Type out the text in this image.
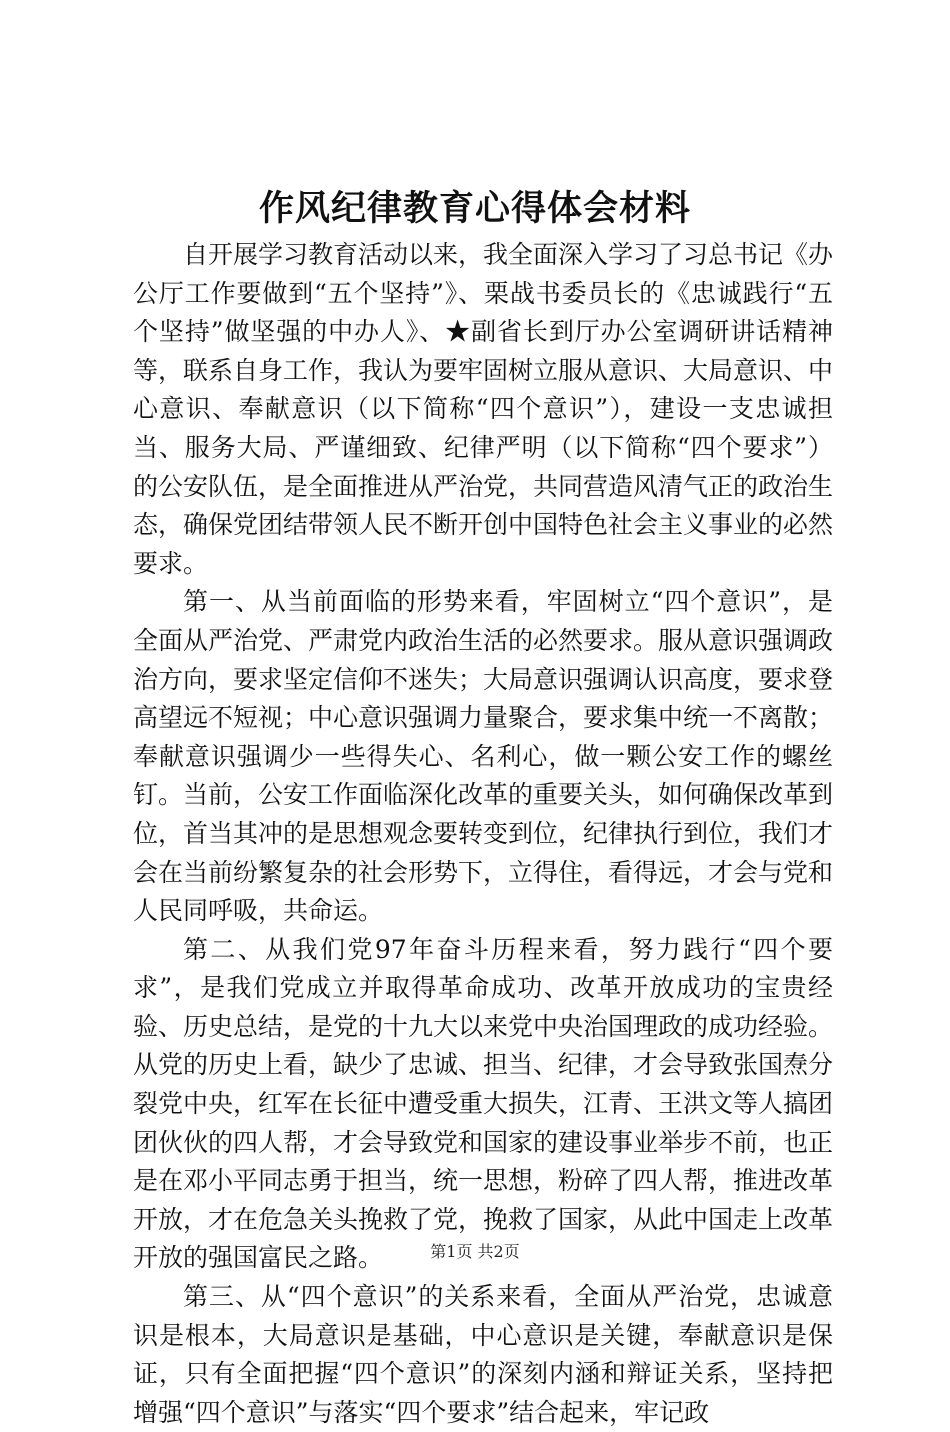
作风纪律教育心得体会材料

自开展学习教育活动以来，我全面深入学习了习总书记《办公厅工作要做到“五个坚持”》、栗战书委员长的《忠诚践行“五个坚持”做坚强的中办人》、★副省长到厅办公室调研讲话精神等，联系自身工作，我认为要牢固树立服从意识、大局意识、中心意识、奉献意识（以下简称“四个意识”），建设一支忠诚担当、服务大局、严谨细致、纪律严明（以下简称“四个要求”）的公安队伍，是全面推进从严治党，共同营造风清气正的政治生态，确保党团结带领人民不断开创中国特色社会主义事业的必然要求。

第一、从当前面临的形势来看，牢固树立“四个意识”，是全面从严治党、严肃党内政治生活的必然要求。服从意识强调政治方向，要求坚定信仰不迷失；大局意识强调认识高度，要求登高望远不短视；中心意识强调力量聚合，要求集中统一不离散；奉献意识强调少一些得失心、名利心，做一颗公安工作的螺丝钉。当前，公安工作面临深化改革的重要关头，如何确保改革到位，首当其冲的是思想观念要转变到位，纪律执行到位，我们才会在当前纷繁复杂的社会形势下，立得住，看得远，才会与党和人民同呼吸，共命运。

第二、从我们党97年奋斗历程来看，努力践行“四个要求”，是我们党成立并取得革命成功、改革开放成功的宝贵经验、历史总结，是党的十九大以来党中央治国理政的成功经验。从党的历史上看，缺少了忠诚、担当、纪律，才会导致张国焘分裂党中央，红军在长征中遭受重大损失，江青、王洪文等人搞团团伙伙的四人帮，才会导致党和国家的建设事业举步不前，也正是在邓小平同志勇于担当，统一思想，粉碎了四人帮，推进改革开放，才在危急关头挽救了党，挽救了国家，从此中国走上改革开放的强国富民之路。

第三、从“四个意识”的关系来看，全面从严治党，忠诚意识是根本，大局意识是基础，中心意识是关键，奉献意识是保证，只有全面把握“四个意识”的深刻内涵和辩证关系，坚持把增强“四个意识”与落实“四个要求”结合起来，牢记政

第1页 共2页
